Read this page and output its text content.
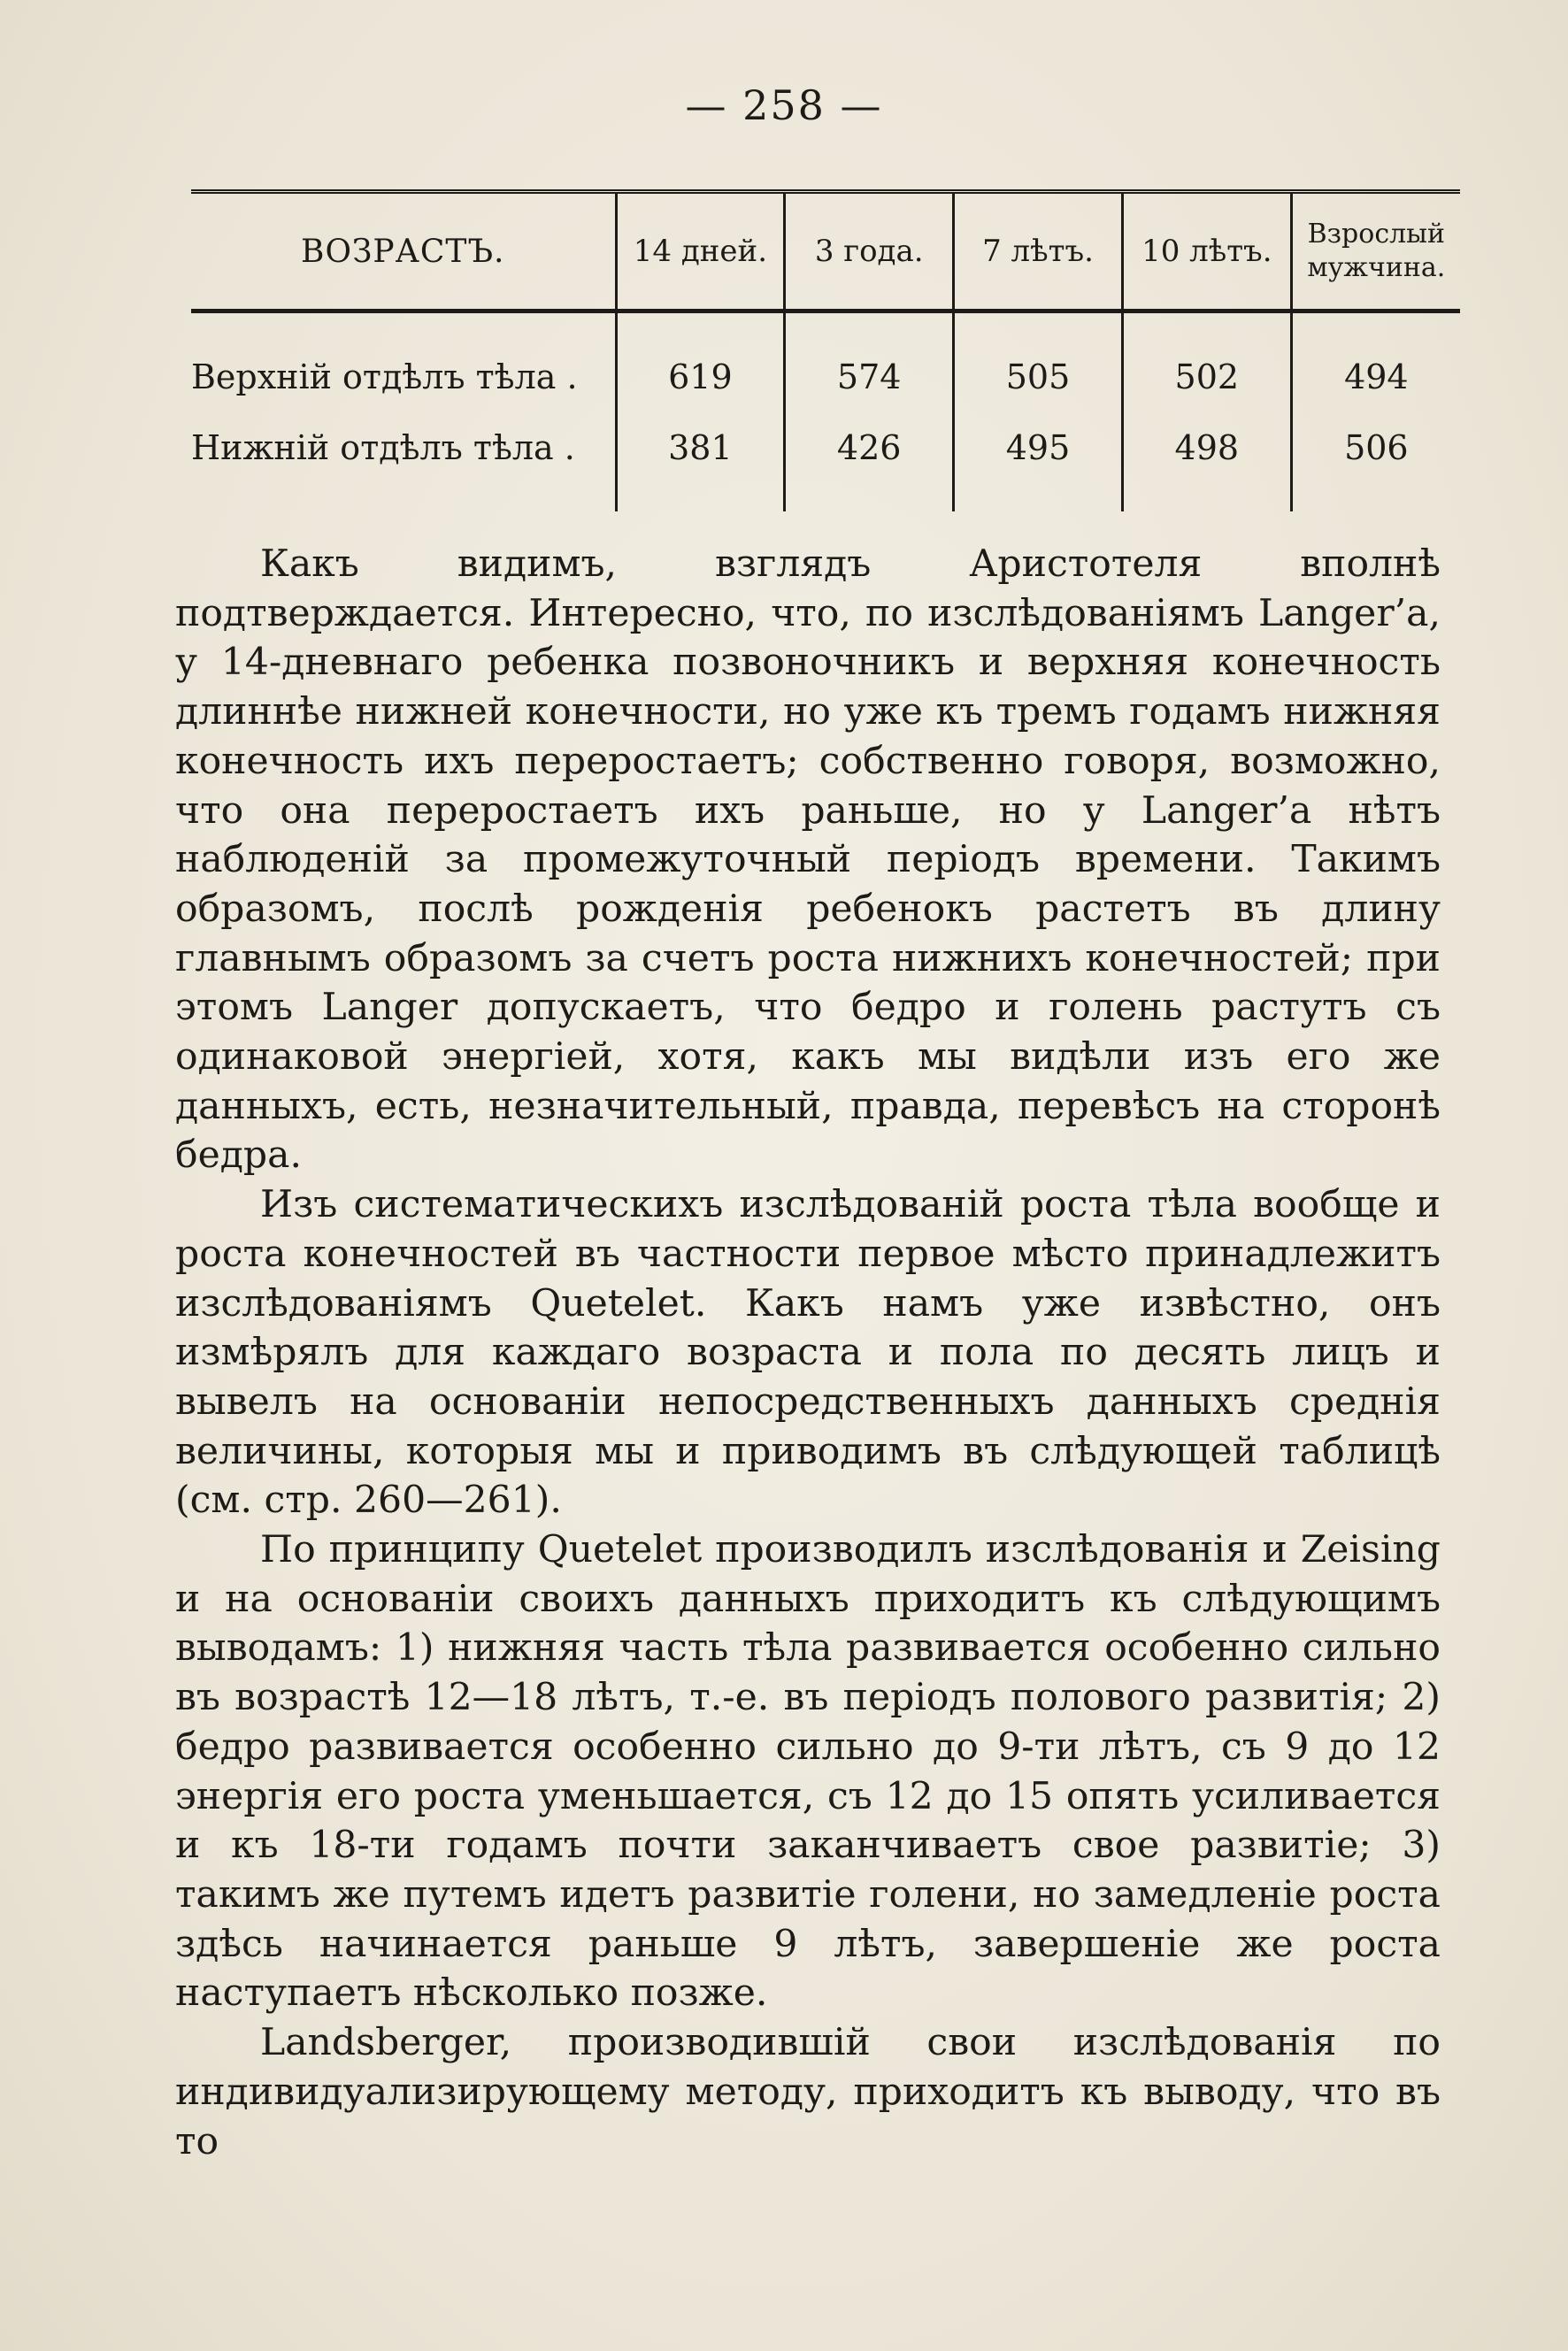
— 258 —
ВОЗРАСТЪ.	14 дней.	3 года.	7 лѣтъ.	10 лѣтъ.	Взрослый мужчина.
Верхній отдѣлъ тѣла .	619	574	505	502	494
Нижній отдѣлъ тѣла .	381	426	495	498	506

Какъ видимъ, взглядъ Аристотеля вполнѣ подтверждается. Интересно, что, по изслѣдованіямъ Langer’a, у 14-дневнаго ребенка позвоночникъ и верхняя конечность длиннѣе нижней конечности, но уже къ тремъ годамъ нижняя конечность ихъ переростаетъ; собственно говоря, возможно, что она переростаетъ ихъ раньше, но у Langer’a нѣтъ наблюденій за промежуточный періодъ времени. Такимъ образомъ, послѣ рожденія ребенокъ растетъ въ длину главнымъ образомъ за счетъ роста нижнихъ конечностей; при этомъ Langer допускаетъ, что бедро и голень растутъ съ одинаковой энергіей, хотя, какъ мы видѣли изъ его же данныхъ, есть, незначительный, правда, перевѣсъ на сторонѣ бедра.

Изъ систематическихъ изслѣдованій роста тѣла вообще и роста конечностей въ частности первое мѣсто принадлежитъ изслѣдованіямъ Quetelet. Какъ намъ уже извѣстно, онъ измѣрялъ для каждаго возраста и пола по десять лицъ и вывелъ на основаніи непосредственныхъ данныхъ среднія величины, которыя мы и приводимъ въ слѣдующей таблицѣ (см. стр. 260—261).

По принципу Quetelet производилъ изслѣдованія и Zeising и на основаніи своихъ данныхъ приходитъ къ слѣдующимъ выводамъ: 1) нижняя часть тѣла развивается особенно сильно въ возрастѣ 12—18 лѣтъ, т.-е. въ періодъ полового развитія; 2) бедро развивается особенно сильно до 9-ти лѣтъ, съ 9 до 12 энергія его роста уменьшается, съ 12 до 15 опять усиливается и къ 18-ти годамъ почти заканчиваетъ свое развитіе; 3) такимъ же путемъ идетъ развитіе голени, но замедленіе роста здѣсь начинается раньше 9 лѣтъ, завершеніе же роста наступаетъ нѣсколько позже.

Landsberger, производившій свои изслѣдованія по индивидуализирующему методу, приходитъ къ выводу, что въ то
